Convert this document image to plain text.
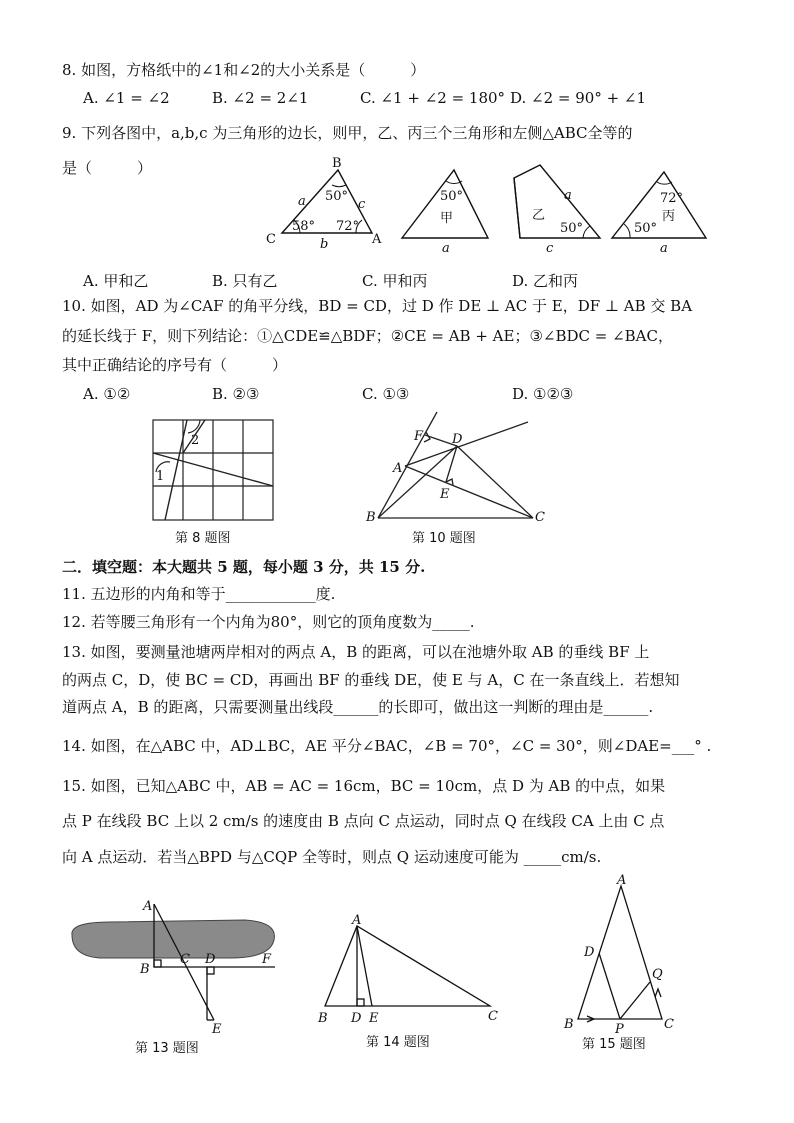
8. 如图，方格纸中的∠1和∠2的大小关系是（　　　）
A. ∠1 = ∠2	B. ∠2 = 2∠1	C. ∠1 + ∠2 = 180° D. ∠2 = 90° + ∠1
9. 下列各图中，a,b,c 为三角形的边长，则甲，乙、丙三个三角形和左侧△ABC全等的
是（　　　）	B
C	A
a	c
b
50°
58° 72°
50°
甲
a
a
乙
50°
c
72°
丙
50°
a
A. 甲和乙	B. 只有乙	C. 甲和丙	D. 乙和丙
10. 如图，AD 为∠CAF 的角平分线，BD = CD，过 D 作 DE ⊥ AC 于 E，DF ⊥ AB 交 BA
的延长线于 F，则下列结论：①△CDE≌△BDF；②CE = AB + AE；③∠BDC = ∠BAC，
其中正确结论的序号有（　　　）
A. ①②	B. ②③	C. ①③	D. ①②③
2
1
第 8 题图
F D
A
E
B	C
第 10 题图
二．填空题：本大题共 5 题，每小题 3 分，共 15 分.
11. 五边形的内角和等于____________度.
12. 若等腰三角形有一个内角为80°，则它的顶角度数为_____.
13. 如图，要测量池塘两岸相对的两点 A，B 的距离，可以在池塘外取 AB 的垂线 BF 上
的两点 C，D，使 BC = CD，再画出 BF 的垂线 DE，使 E 与 A，C 在一条直线上．若想知
道两点 A，B 的距离，只需要测量出线段______的长即可，做出这一判断的理由是______.
14. 如图，在△ABC 中，AD⊥BC，AE 平分∠BAC，∠B = 70°，∠C = 30°，则∠DAE=___° .
15. 如图，已知△ABC 中，AB = AC = 16cm，BC = 10cm，点 D 为 AB 的中点，如果
点 P 在线段 BC 上以 2 cm/s 的速度由 B 点向 C 点运动，同时点 Q 在线段 CA 上由 C 点
向 A 点运动．若当△BPD 与△CQP 全等时，则点 Q 运动速度可能为 _____cm/s.
A
B
C D	F
E
第 13 题图
A
B D E	C
第 14 题图
A
D
Q
B	P	C
第 15 题图
